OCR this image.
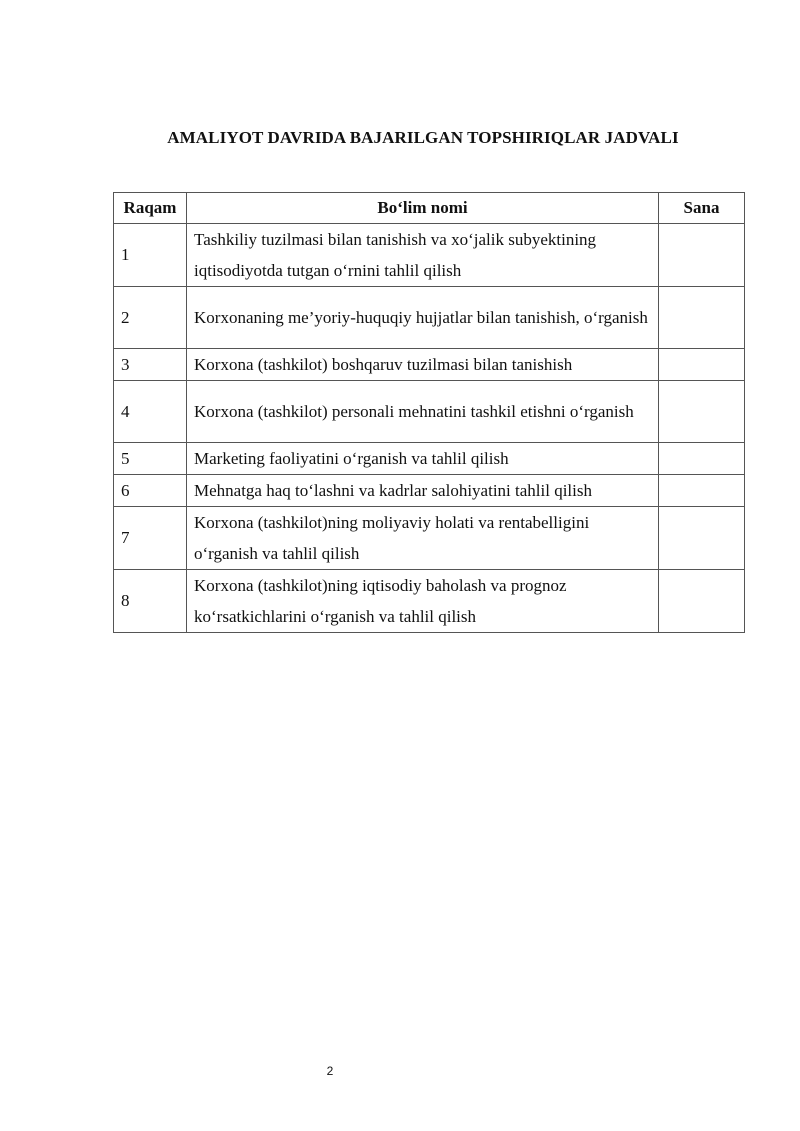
AMALIYOT DAVRIDA BAJARILGAN TOPSHIRIQLAR JADVALI
Raqam	Bo‘lim nomi	Sana
1	Tashkiliy tuzilmasi bilan tanishish va xo‘jalik subyektining iqtisodiyotda tutgan o‘rnini tahlil qilish	
2	Korxonaning me’yoriy-huquqiy hujjatlar bilan tanishish, o‘rganish	
3	Korxona (tashkilot) boshqaruv tuzilmasi bilan tanishish	
4	Korxona (tashkilot) personali mehnatini tashkil etishni o‘rganish	
5	Marketing faoliyatini o‘rganish va tahlil qilish	
6	Mehnatga haq to‘lashni va kadrlar salohiyatini tahlil qilish	
7	Korxona (tashkilot)ning moliyaviy holati va rentabelligini o‘rganish va tahlil qilish	
8	Korxona (tashkilot)ning iqtisodiy baholash va prognoz ko‘rsatkichlarini o‘rganish va tahlil qilish	
2
